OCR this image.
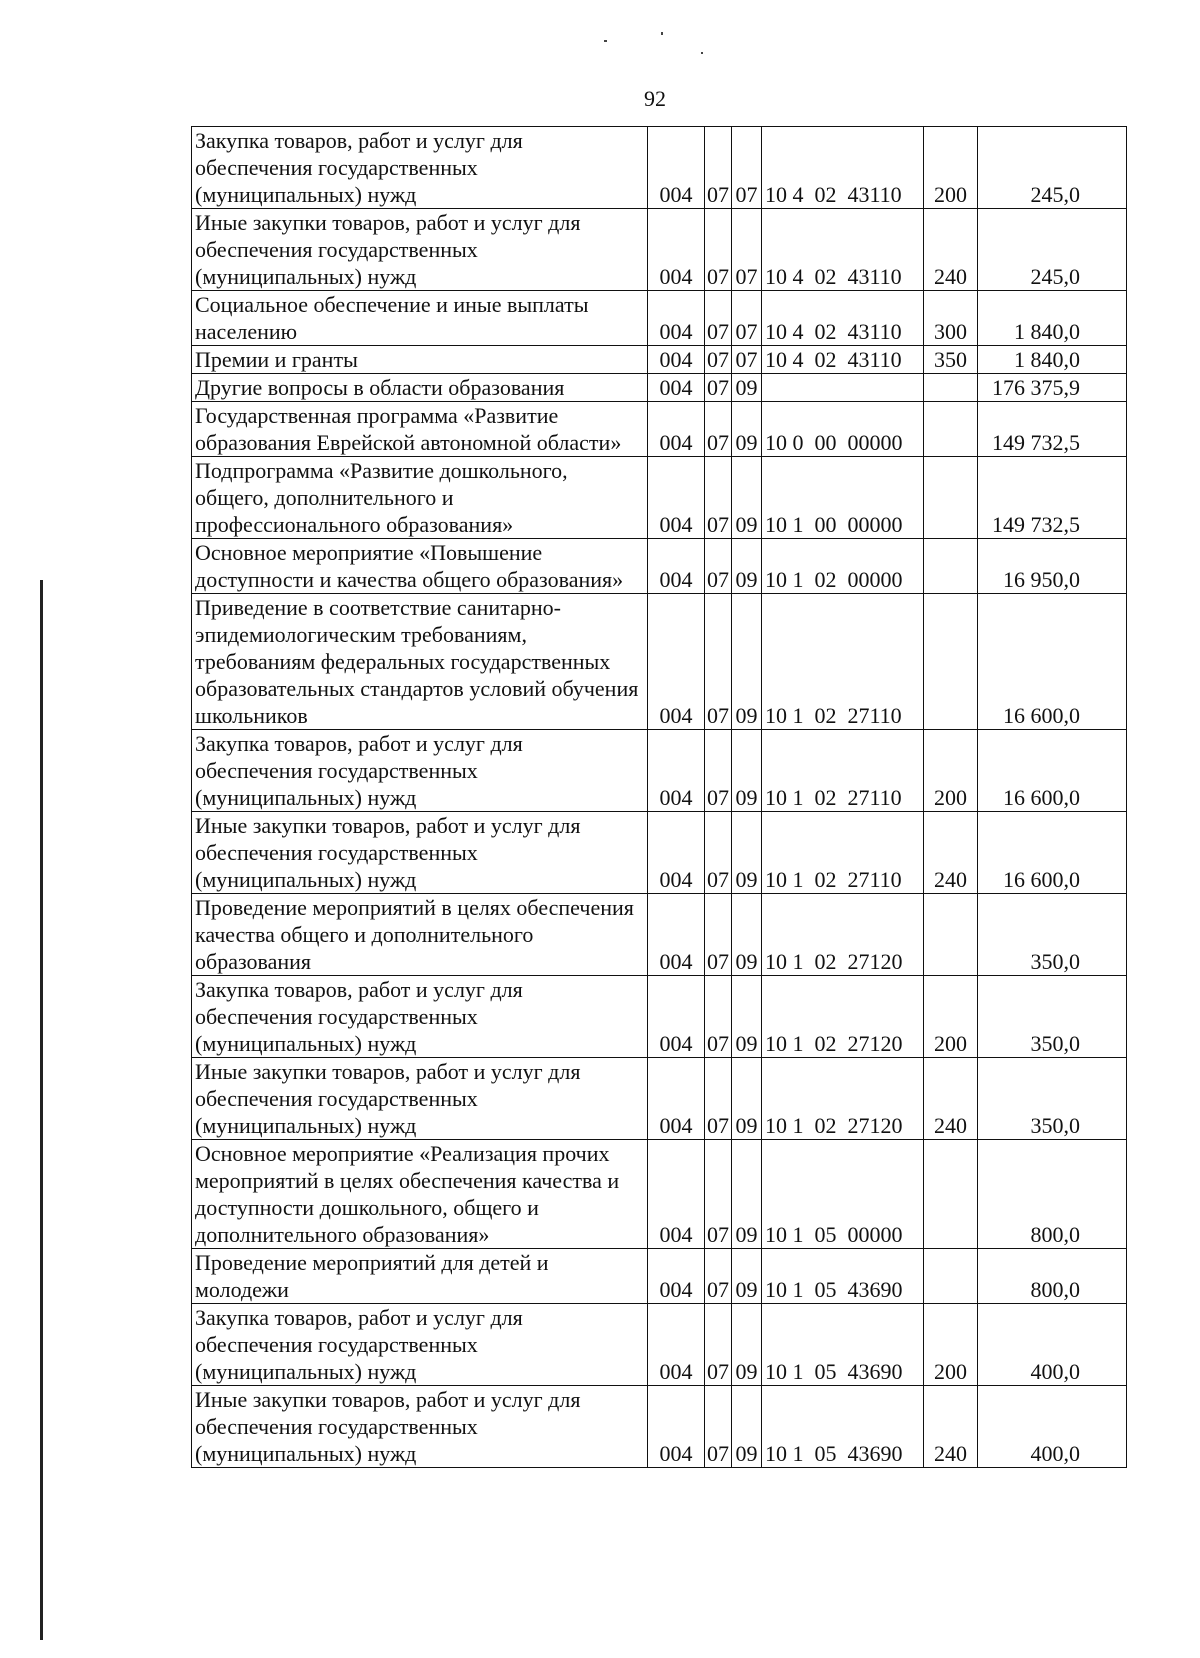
92
Закупка товаров, работ и услуг для обеспечения государственных (муниципальных) нужд	004	07	07	10 4  02  43110	200	245,0
Иные закупки товаров, работ и услуг для обеспечения государственных (муниципальных) нужд	004	07	07	10 4  02  43110	240	245,0
Социальное обеспечение и иные выплаты населению	004	07	07	10 4  02  43110	300	1 840,0
Премии и гранты	004	07	07	10 4  02  43110	350	1 840,0
Другие вопросы в области образования	004	07	09			176 375,9
Государственная программа «Развитие образования Еврейской автономной области»	004	07	09	10 0  00  00000		149 732,5
Подпрограмма «Развитие дошкольного, общего, дополнительного и профессионального образования»	004	07	09	10 1  00  00000		149 732,5
Основное мероприятие «Повышение доступности и качества общего образования»	004	07	09	10 1  02  00000		16 950,0
Приведение в соответствие санитарно-эпидемиологическим требованиям, требованиям федеральных государственных образовательных стандартов условий обучения школьников	004	07	09	10 1  02  27110		16 600,0
Закупка товаров, работ и услуг для обеспечения государственных (муниципальных) нужд	004	07	09	10 1  02  27110	200	16 600,0
Иные закупки товаров, работ и услуг для обеспечения государственных (муниципальных) нужд	004	07	09	10 1  02  27110	240	16 600,0
Проведение мероприятий в целях обеспечения качества общего и дополнительного образования	004	07	09	10 1  02  27120		350,0
Закупка товаров, работ и услуг для обеспечения государственных (муниципальных) нужд	004	07	09	10 1  02  27120	200	350,0
Иные закупки товаров, работ и услуг для обеспечения государственных (муниципальных) нужд	004	07	09	10 1  02  27120	240	350,0
Основное мероприятие «Реализация прочих мероприятий в целях обеспечения качества и доступности дошкольного, общего и дополнительного образования»	004	07	09	10 1  05  00000		800,0
Проведение мероприятий для детей и молодежи	004	07	09	10 1  05  43690		800,0
Закупка товаров, работ и услуг для обеспечения государственных (муниципальных) нужд	004	07	09	10 1  05  43690	200	400,0
Иные закупки товаров, работ и услуг для обеспечения государственных (муниципальных) нужд	004	07	09	10 1  05  43690	240	400,0
